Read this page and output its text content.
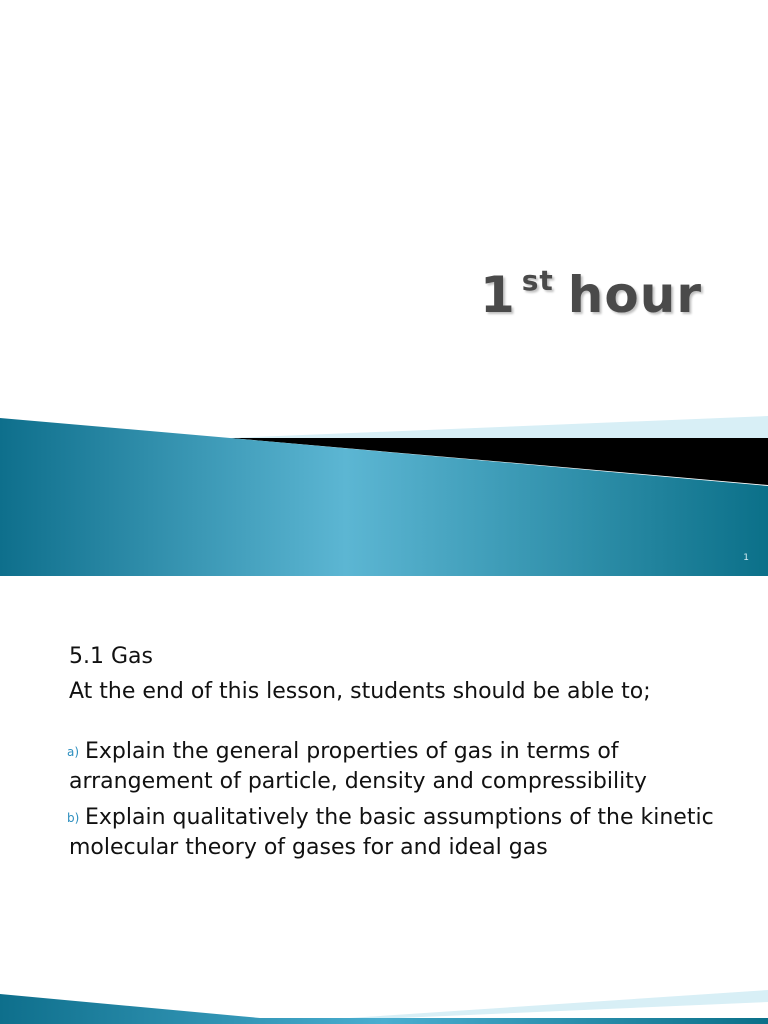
1 $^{st}$ hour
1

5.1 Gas

At the end of this lesson, students should be able to;

a) Explain the general properties of gas in terms of arrangement of particle, density and compressibility

b) Explain qualitatively the basic assumptions of the kinetic molecular theory of gases for and ideal gas
